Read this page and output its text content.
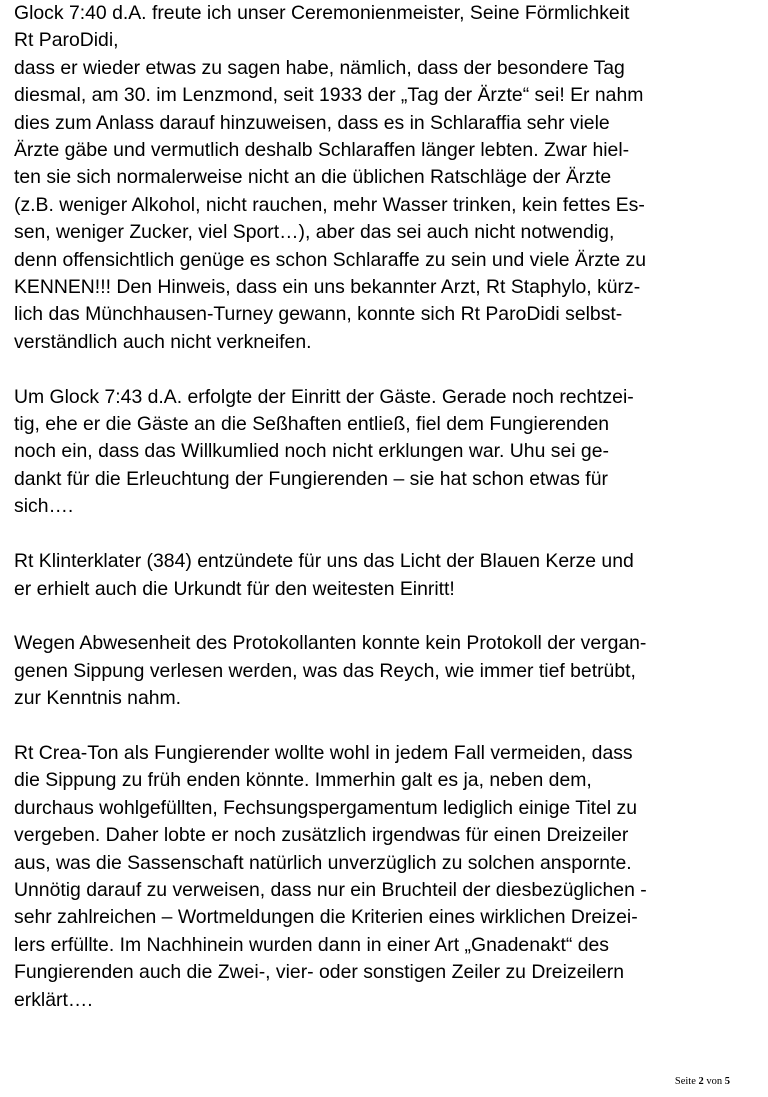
Glock 7:40 d.A. freute ich unser Ceremonienmeister, Seine Förmlichkeit
Rt ParoDidi,
dass er wieder etwas zu sagen habe, nämlich, dass der besondere Tag
diesmal, am 30. im Lenzmond, seit 1933 der „Tag der Ärzte“ sei! Er nahm
dies zum Anlass darauf hinzuweisen, dass es in Schlaraffia sehr viele
Ärzte gäbe und vermutlich deshalb Schlaraffen länger lebten. Zwar hiel-
ten sie sich normalerweise nicht an die üblichen Ratschläge der Ärzte
(z.B. weniger Alkohol, nicht rauchen, mehr Wasser trinken, kein fettes Es-
sen, weniger Zucker, viel Sport…), aber das sei auch nicht notwendig,
denn offensichtlich genüge es schon Schlaraffe zu sein und viele Ärzte zu
KENNEN!!! Den Hinweis, dass ein uns bekannter Arzt, Rt Staphylo, kürz-
lich das Münchhausen-Turney gewann, konnte sich Rt ParoDidi selbst-
verständlich auch nicht verkneifen.
Um Glock 7:43 d.A. erfolgte der Einritt der Gäste. Gerade noch rechtzei-
tig, ehe er die Gäste an die Seßhaften entließ, fiel dem Fungierenden
noch ein, dass das Willkumlied noch nicht erklungen war. Uhu sei ge-
dankt für die Erleuchtung der Fungierenden – sie hat schon etwas für
sich….
Rt Klinterklater (384) entzündete für uns das Licht der Blauen Kerze und
er erhielt auch die Urkundt für den weitesten Einritt!
Wegen Abwesenheit des Protokollanten konnte kein Protokoll der vergan-
genen Sippung verlesen werden, was das Reych, wie immer tief betrübt,
zur Kenntnis nahm.
Rt Crea-Ton als Fungierender wollte wohl in jedem Fall vermeiden, dass
die Sippung zu früh enden könnte. Immerhin galt es ja, neben dem,
durchaus wohlgefüllten, Fechsungspergamentum lediglich einige Titel zu
vergeben. Daher lobte er noch zusätzlich irgendwas für einen Dreizeiler
aus, was die Sassenschaft natürlich unverzüglich zu solchen anspornte.
Unnötig darauf zu verweisen, dass nur ein Bruchteil der diesbezüglichen -
sehr zahlreichen – Wortmeldungen die Kriterien eines wirklichen Dreizei-
lers erfüllte. Im Nachhinein wurden dann in einer Art „Gnadenakt“ des
Fungierenden auch die Zwei-, vier- oder sonstigen Zeiler zu Dreizeilern
erklärt….
Seite 2 von 5
